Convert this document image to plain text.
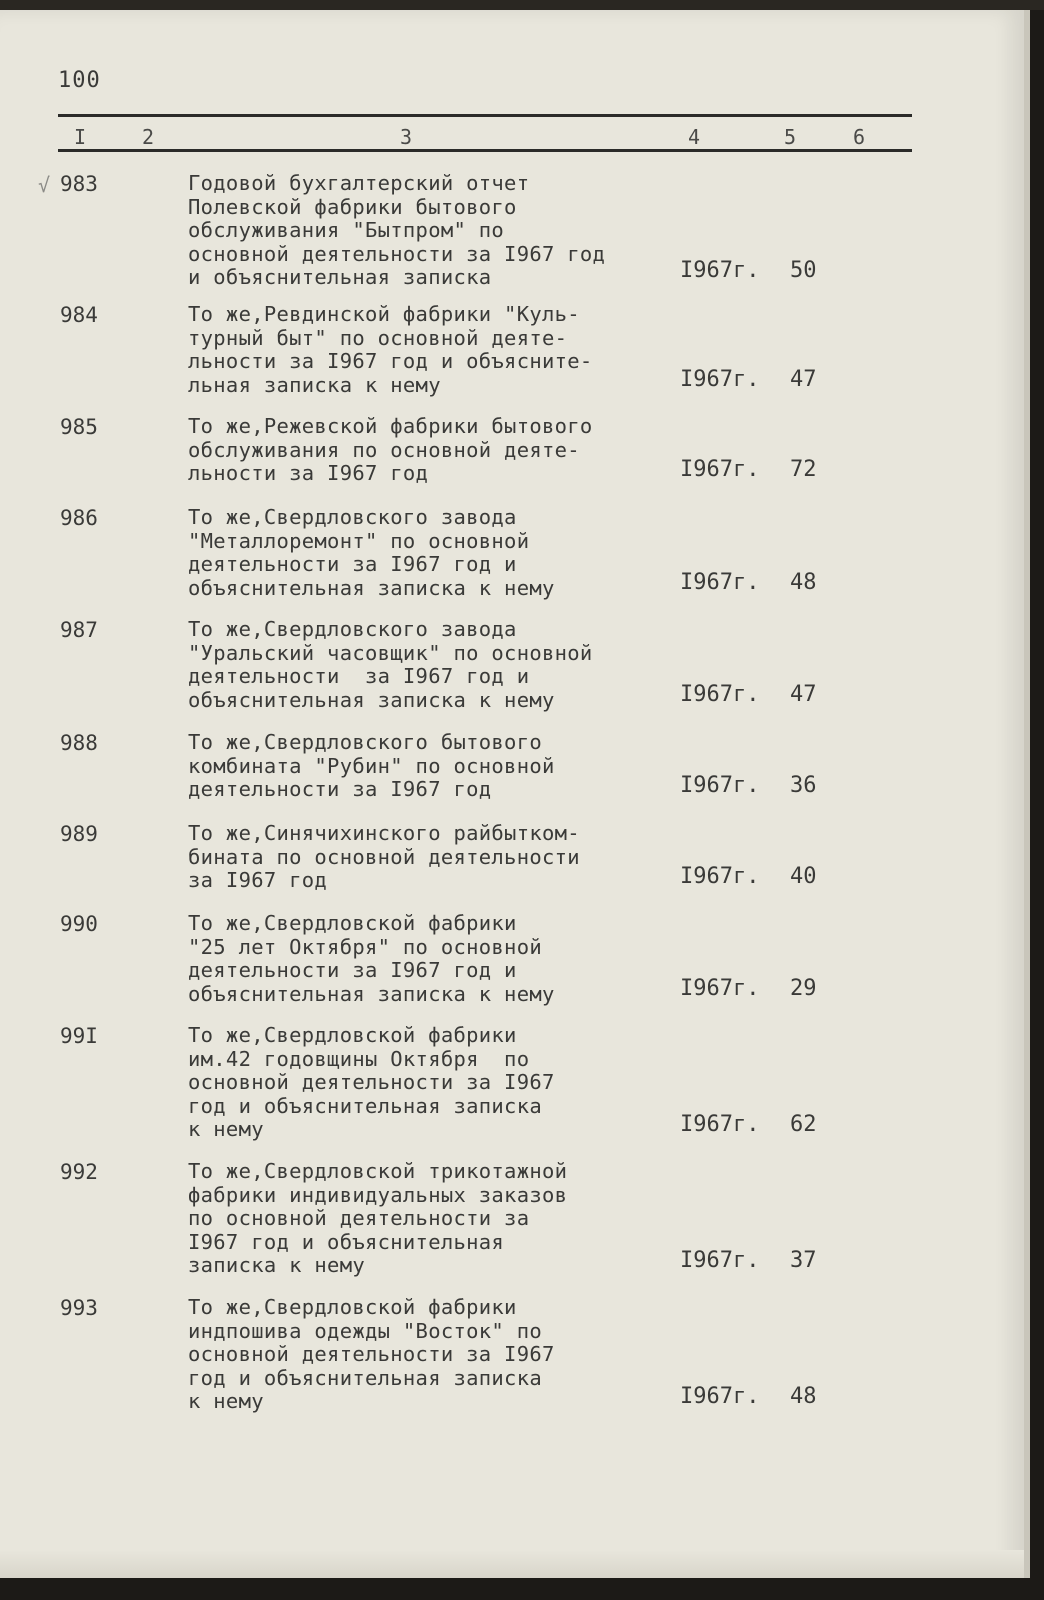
100
I	2	3	4	5	6
√ 983	Годовой бухгалтерский отчет
Полевской фабрики бытового
обслуживания "Бытпром" по
основной деятельности за I967 год
и объяснительная записка	I967г. 50
984	То же,Ревдинской фабрики "Куль-
турный быт" по основной деяте-
льности за I967 год и объясните-
льная записка к нему	I967г. 47
985	То же,Режевской фабрики бытового
обслуживания по основной деяте-
льности за I967 год	I967г. 72
986	То же,Свердловского завода
"Металлоремонт" по основной
деятельности за I967 год и
объяснительная записка к нему	I967г. 48
987	То же,Свердловского завода
"Уральский часовщик" по основной
деятельности  за I967 год и
объяснительная записка к нему	I967г. 47
988	То же,Свердловского бытового
комбината "Рубин" по основной
деятельности за I967 год	I967г. 36
989	То же,Синячихинского райбытком-
бината по основной деятельности
за I967 год	I967г. 40
990	То же,Свердловской фабрики
"25 лет Октября" по основной
деятельности за I967 год и
объяснительная записка к нему	I967г. 29
99I	То же,Свердловской фабрики
им.42 годовщины Октября  по
основной деятельности за I967
год и объяснительная записка
к нему	I967г. 62
992	То же,Свердловской трикотажной
фабрики индивидуальных заказов
по основной деятельности за
I967 год и объяснительная
записка к нему	I967г. 37
993	То же,Свердловской фабрики
индпошива одежды "Восток" по
основной деятельности за I967
год и объяснительная записка
к нему	I967г. 48
